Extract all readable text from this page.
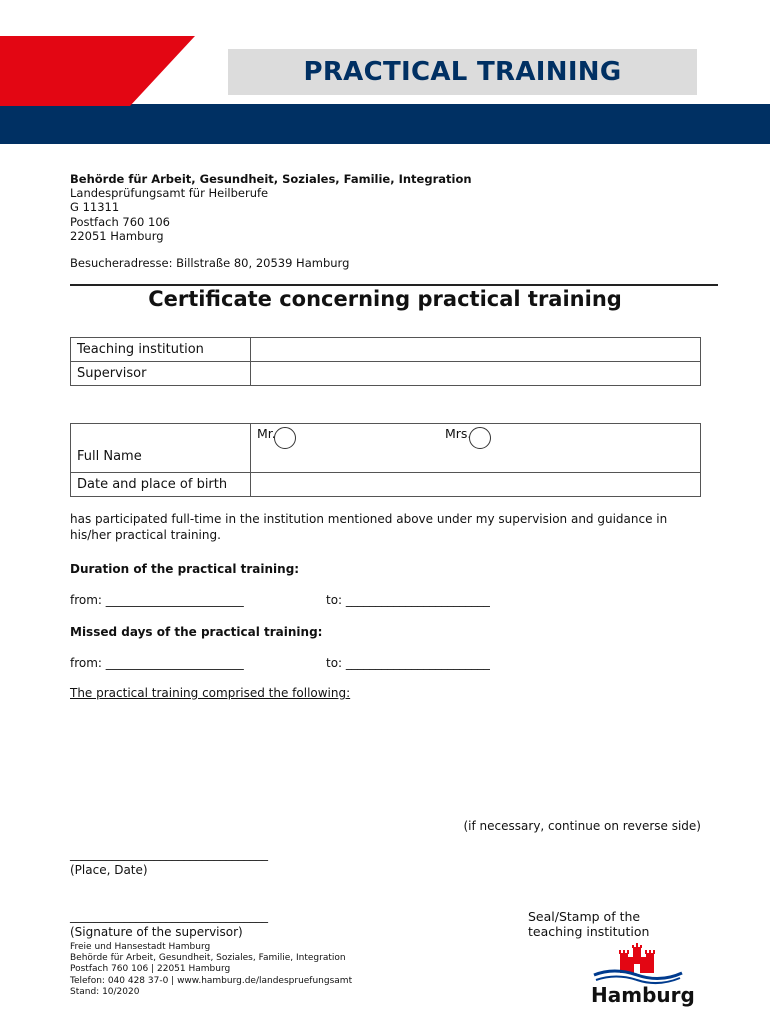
PRACTICAL TRAINING
Behörde für Arbeit, Gesundheit, Soziales, Familie, Integration
Landesprüfungsamt für Heilberufe
G 11311
Postfach 760 106
22051 Hamburg
Besucheradresse: Billstraße 80, 20539 Hamburg
Certificate concerning practical training
Teaching institution	
Supervisor	
Full Name	Mr. Mrs.

Date and place of birth	
has participated full-time in the institution mentioned above under my supervision and guidance in his/her practical training.
Duration of the practical training:
from: _______________________	to: ________________________
Missed days of the practical training:
from: _______________________	to: ________________________
The practical training comprised the following:
(if necessary, continue on reverse side)
_________________________________
(Place, Date)
_________________________________
(Signature of the supervisor)
Seal/Stamp of the
teaching institution
Freie und Hansestadt Hamburg
Behörde für Arbeit, Gesundheit, Soziales, Familie, Integration
Postfach 760 106 | 22051 Hamburg
Telefon: 040 428 37-0 | www.hamburg.de/landespruefungsamt
Stand: 10/2020	Hamburg
